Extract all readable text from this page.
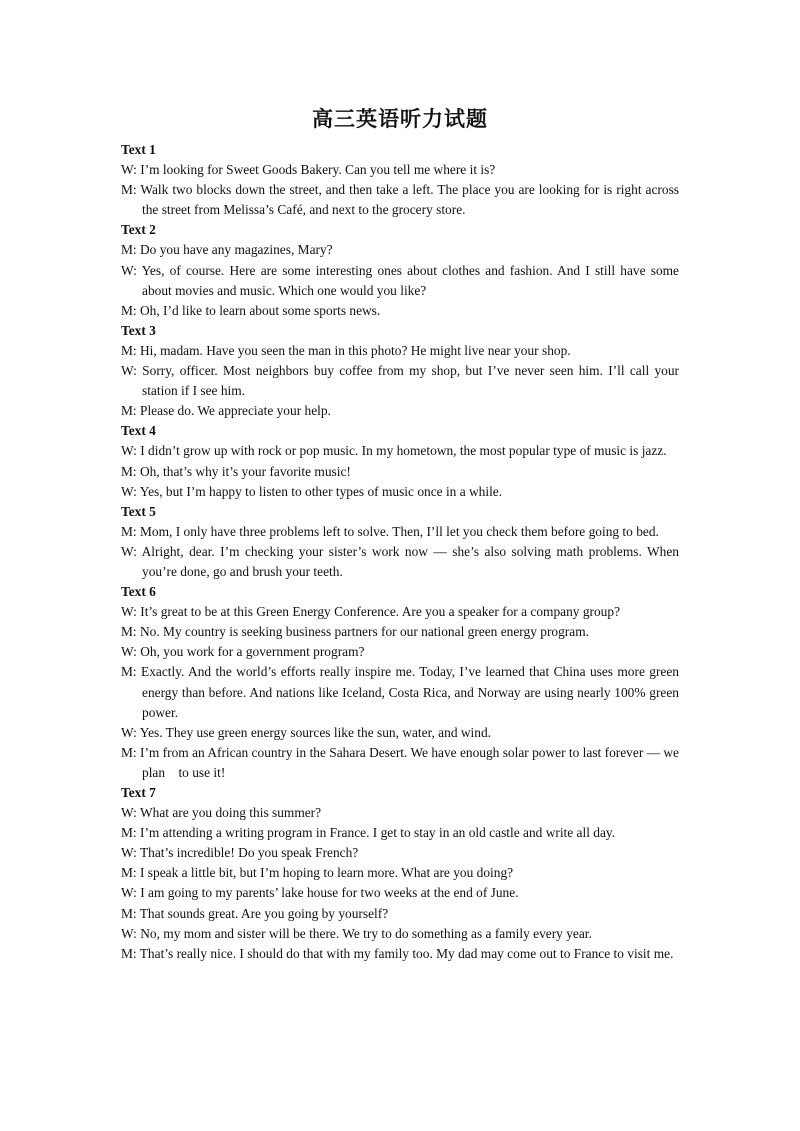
高三英语听力试题
Text 1

W: I’m looking for Sweet Goods Bakery. Can you tell me where it is?

M: Walk two blocks down the street, and then take a left. The place you are looking for is right across the street from Melissa’s Café, and next to the grocery store.

Text 2

M: Do you have any magazines, Mary?

W: Yes, of course. Here are some interesting ones about clothes and fashion. And I still have some about movies and music. Which one would you like?

M: Oh, I’d like to learn about some sports news.

Text 3

M: Hi, madam. Have you seen the man in this photo? He might live near your shop.

W: Sorry, officer. Most neighbors buy coffee from my shop, but I’ve never seen him. I’ll call your station if I see him.

M: Please do. We appreciate your help.

Text 4

W: I didn’t grow up with rock or pop music. In my hometown, the most popular type of music is jazz.

M: Oh, that’s why it’s your favorite music!

W: Yes, but I’m happy to listen to other types of music once in a while.

Text 5

M: Mom, I only have three problems left to solve. Then, I’ll let you check them before going to bed.

W: Alright, dear. I’m checking your sister’s work now — she’s also solving math problems. When you’re done, go and brush your teeth.

Text 6

W: It’s great to be at this Green Energy Conference. Are you a speaker for a company group?

M: No. My country is seeking business partners for our national green energy program.

W: Oh, you work for a government program?

M: Exactly. And the world’s efforts really inspire me. Today, I’ve learned that China uses more green energy than before. And nations like Iceland, Costa Rica, and Norway are using nearly 100% green power.

W: Yes. They use green energy sources like the sun, water, and wind.

M: I’m from an African country in the Sahara Desert. We have enough solar power to last forever — we plan    to use it!

Text 7

W: What are you doing this summer?

M: I’m attending a writing program in France. I get to stay in an old castle and write all day.

W: That’s incredible! Do you speak French?

M: I speak a little bit, but I’m hoping to learn more. What are you doing?

W: I am going to my parents’ lake house for two weeks at the end of June.

M: That sounds great. Are you going by yourself?

W: No, my mom and sister will be there. We try to do something as a family every year.

M: That’s really nice. I should do that with my family too. My dad may come out to France to visit me.
